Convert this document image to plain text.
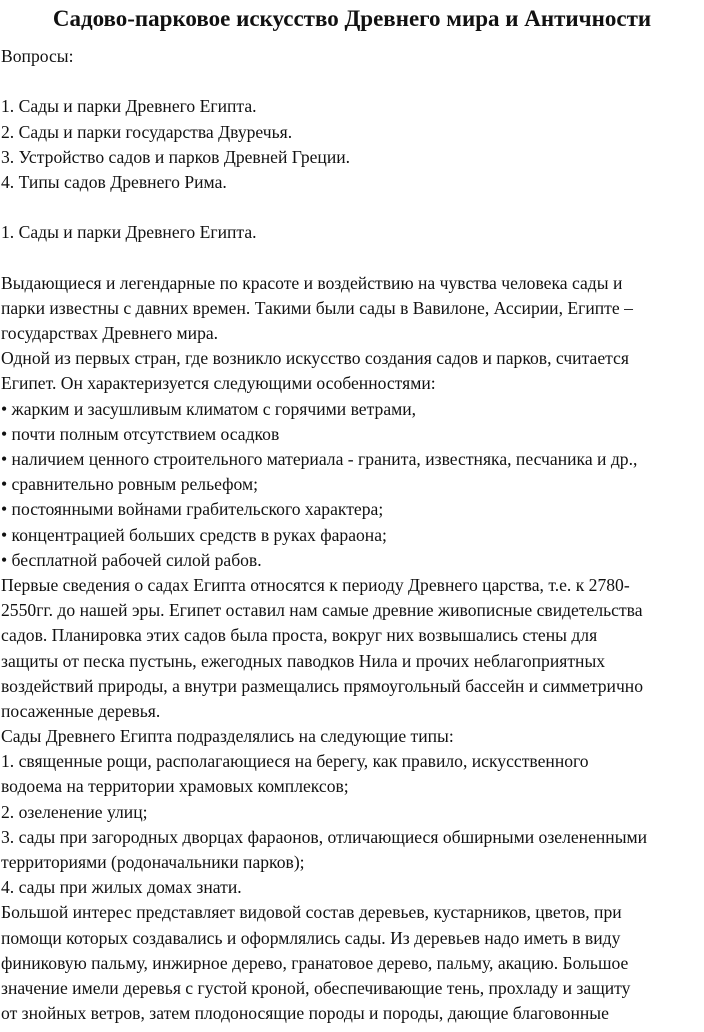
Садово-парковое искусство Древнего мира и Античности
Вопросы:
1. Сады и парки Древнего Египта.
2. Сады и парки государства Двуречья.
3. Устройство садов и парков Древней Греции.
4. Типы садов Древнего Рима.
1. Сады и парки Древнего Египта.
Выдающиеся и легендарные по красоте и воздействию на чувства человека сады и
парки известны с давних времен. Такими были сады в Вавилоне, Ассирии, Египте –
государствах Древнего мира.
Одной из первых стран, где возникло искусство создания садов и парков, считается
Египет. Он характеризуется следующими особенностями:
• жарким и засушливым климатом с горячими ветрами,
• почти полным отсутствием осадков
• наличием ценного строительного материала - гранита, известняка, песчаника и др.,
• сравнительно ровным рельефом;
• постоянными войнами грабительского характера;
• концентрацией больших средств в руках фараона;
• бесплатной рабочей силой рабов.
Первые сведения о садах Египта относятся к периоду Древнего царства, т.е. к 2780-
2550гг. до нашей эры. Египет оставил нам самые древние живописные свидетельства
садов. Планировка этих садов была проста, вокруг них возвышались стены для
защиты от песка пустынь, ежегодных паводков Нила и прочих неблагоприятных
воздействий природы, а внутри размещались прямоугольный бассейн и симметрично
посаженные деревья.
Сады Древнего Египта подразделялись на следующие типы:
1. священные рощи, располагающиеся на берегу, как правило, искусственного
водоема на территории храмовых комплексов;
2. озеленение улиц;
3. сады при загородных дворцах фараонов, отличающиеся обширными озелененными
территориями (родоначальники парков);
4. сады при жилых домах знати.
Большой интерес представляет видовой состав деревьев, кустарников, цветов, при
помощи которых создавались и оформлялись сады. Из деревьев надо иметь в виду
финиковую пальму, инжирное дерево, гранатовое дерево, пальму, акацию. Большое
значение имели деревья с густой кроной, обеспечивающие тень, прохладу и защиту
от знойных ветров, затем плодоносящие породы и породы, дающие благовонные
